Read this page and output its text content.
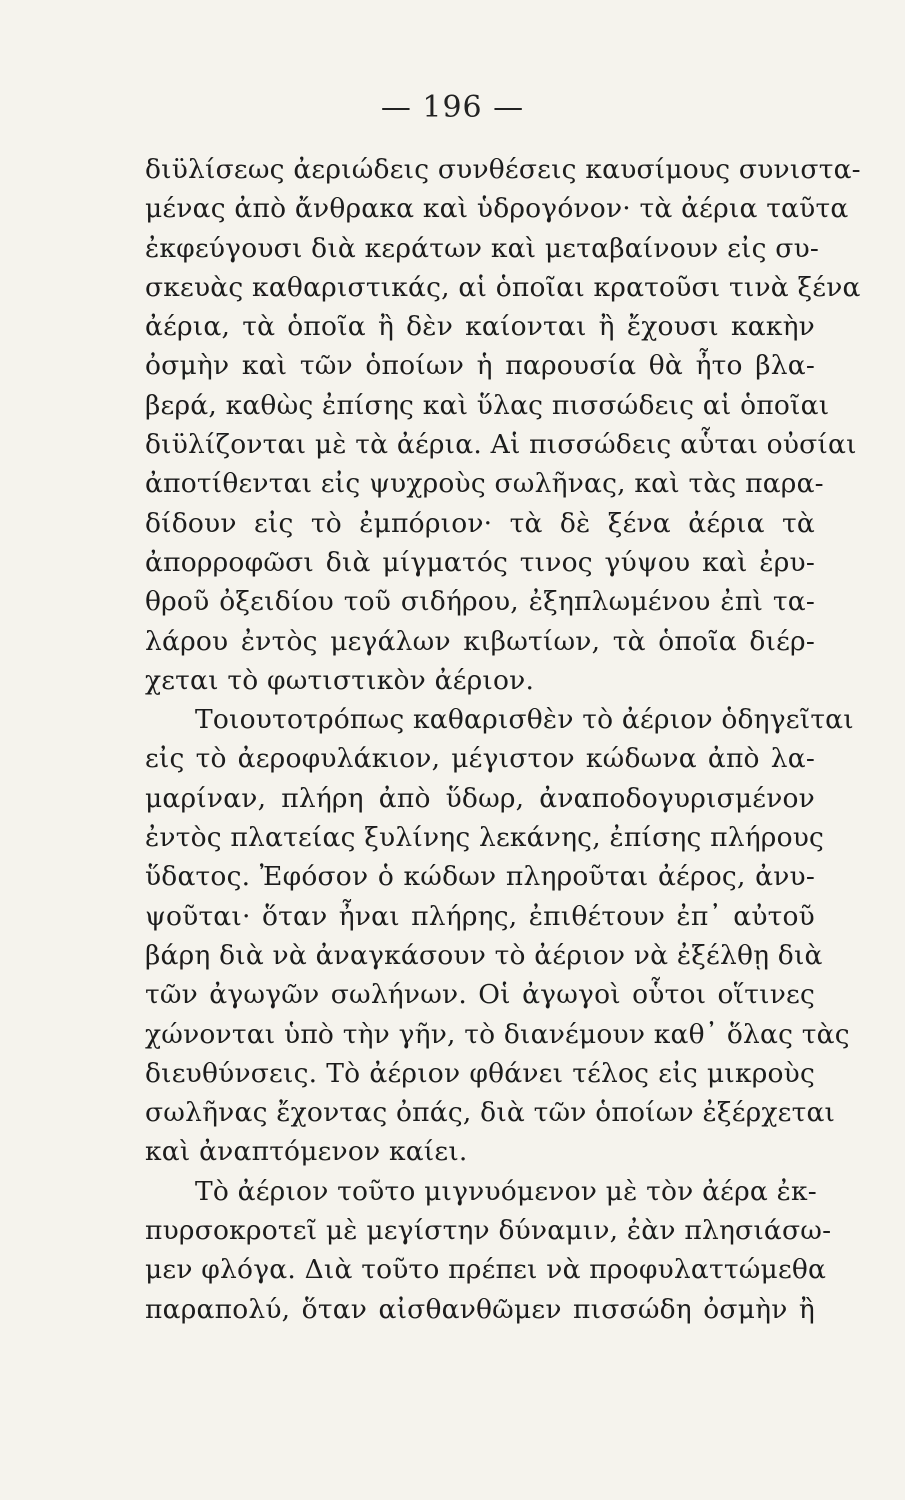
— 196 —
διϋλίσεως ἀεριώδεις συνθέσεις καυσίμους συνιστα-
μένας ἀπὸ ἄνθρακα καὶ ὑδρογόνον· τὰ ἀέρια ταῦτα
ἐκφεύγουσι διὰ κεράτων καὶ μεταβαίνουν εἰς συ-
σκευὰς καθαριστικάς, αἱ ὁποῖαι κρατοῦσι τινὰ ξένα
ἀέρια, τὰ ὁποῖα ἢ δὲν καίονται ἢ ἔχουσι κακὴν
ὀσμὴν καὶ τῶν ὁποίων ἡ παρουσία θὰ ἦτο βλα-
βερά, καθὼς ἐπίσης καὶ ὕλας πισσώδεις αἱ ὁποῖαι
διϋλίζονται μὲ τὰ ἀέρια. Αἱ πισσώδεις αὗται οὐσίαι
ἀποτίθενται εἰς ψυχροὺς σωλῆνας, καὶ τὰς παρα-
δίδουν εἰς τὸ ἐμπόριον· τὰ δὲ ξένα ἀέρια τὰ
ἀπορροφῶσι διὰ μίγματός τινος γύψου καὶ ἐρυ-
θροῦ ὀξειδίου τοῦ σιδήρου, ἐξηπλωμένου ἐπὶ τα-
λάρου ἐντὸς μεγάλων κιβωτίων, τὰ ὁποῖα διέρ-
χεται τὸ φωτιστικὸν ἀέριον.
Τοιουτοτρόπως καθαρισθὲν τὸ ἀέριον ὁδηγεῖται
εἰς τὸ ἀεροφυλάκιον, μέγιστον κώδωνα ἀπὸ λα-
μαρίναν, πλήρη ἀπὸ ὕδωρ, ἀναποδογυρισμένον
ἐντὸς πλατείας ξυλίνης λεκάνης, ἐπίσης πλήρους
ὕδατος. Ἐφόσον ὁ κώδων πληροῦται ἀέρος, ἀνυ-
ψοῦται· ὅταν ἦναι πλήρης, ἐπιθέτουν ἐπ᾽ αὐτοῦ
βάρη διὰ νὰ ἀναγκάσουν τὸ ἀέριον νὰ ἐξέλθῃ διὰ
τῶν ἀγωγῶν σωλήνων. Οἱ ἀγωγοὶ οὗτοι οἵτινες
χώνονται ὑπὸ τὴν γῆν, τὸ διανέμουν καθ᾽ ὅλας τὰς
διευθύνσεις. Τὸ ἀέριον φθάνει τέλος εἰς μικροὺς
σωλῆνας ἔχοντας ὀπάς, διὰ τῶν ὁποίων ἐξέρχεται
καὶ ἀναπτόμενον καίει.
Τὸ ἀέριον τοῦτο μιγνυόμενον μὲ τὸν ἀέρα ἐκ-
πυρσοκροτεῖ μὲ μεγίστην δύναμιν, ἐὰν πλησιάσω-
μεν φλόγα. Διὰ τοῦτο πρέπει νὰ προφυλαττώμεθα
παραπολύ, ὅταν αἰσθανθῶμεν πισσώδη ὀσμὴν ἢ
